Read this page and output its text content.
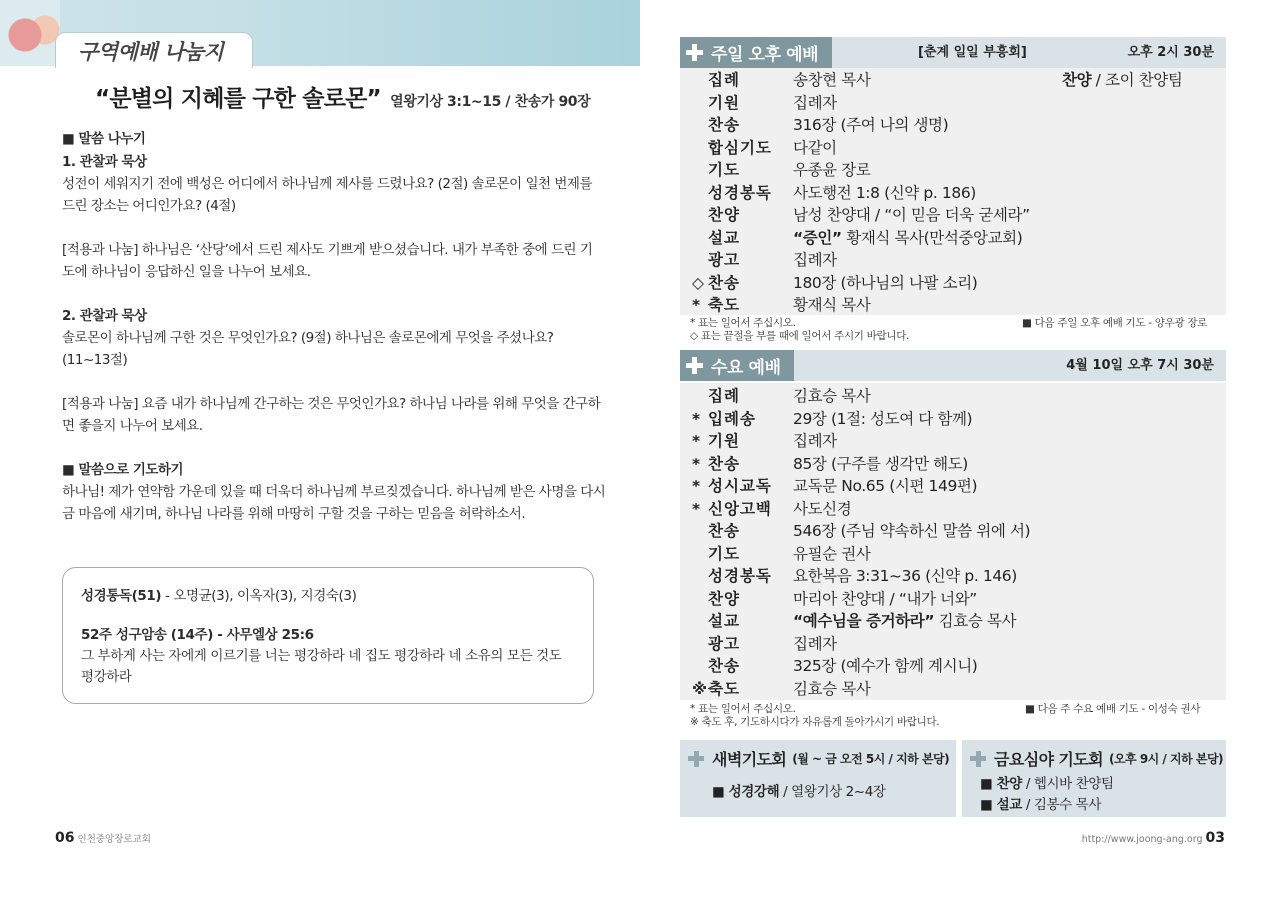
구역예배 나눔지
“분별의 지혜를 구한 솔로몬” 열왕기상 3:1~15 / 찬송가 90장
■ 말씀 나누기
1. 관찰과 묵상
성전이 세워지기 전에 백성은 어디에서 하나님께 제사를 드렸나요? (2절) 솔로몬이 일천 번제를
드린 장소는 어디인가요? (4절)
[적용과 나눔] 하나님은 ‘산당’에서 드린 제사도 기쁘게 받으셨습니다. 내가 부족한 중에 드린 기
도에 하나님이 응답하신 일을 나누어 보세요.
2. 관찰과 묵상
솔로몬이 하나님께 구한 것은 무엇인가요? (9절) 하나님은 솔로몬에게 무엇을 주셨나요?
(11~13절)
[적용과 나눔] 요즘 내가 하나님께 간구하는 것은 무엇인가요? 하나님 나라를 위해 무엇을 간구하
면 좋을지 나누어 보세요.
■ 말씀으로 기도하기
하나님! 제가 연약함 가운데 있을 때 더욱더 하나님께 부르짖겠습니다. 하나님께 받은 사명을 다시
금 마음에 새기며, 하나님 나라를 위해 마땅히 구할 것을 구하는 믿음을 허락하소서.
성경통독(51) - 오명균(3), 이옥자(3), 지경숙(3)
52주 성구암송 (14주) - 사무엘상 25:6
그 부하게 사는 자에게 이르기를 너는 평강하라 네 집도 평강하라 네 소유의 모든 것도
평강하라
06 인천중앙장로교회
주일 오후 예배	[춘계 일일 부흥회]	오후 2시 30분
집례	송창현 목사	찬양 / 조이 찬양팀
기원	집례자
찬송	316장 (주여 나의 생명)
합심기도	다같이
기도	우종윤 장로
성경봉독	사도행전 1:8 (신약 p. 186)
찬양	남성 찬양대 / “이 믿음 더욱 굳세라”
설교	“증인” 황재식 목사(만석중앙교회)
광고	집례자
◇ 찬송	180장 (하나님의 나팔 소리)
* 축도	황재식 목사
* 표는 일어서 주십시오.
◇ 표는 끝절을 부를 때에 일어서 주시기 바랍니다.
■ 다음 주일 오후 예배 기도 - 양우광 장로
수요 예배	4월 10일 오후 7시 30분
집례	김효승 목사
* 입례송	29장 (1절: 성도여 다 함께)
* 기원	집례자
* 찬송	85장 (구주를 생각만 해도)
* 성시교독	교독문 No.65 (시편 149편)
* 신앙고백	사도신경
찬송	546장 (주님 약속하신 말씀 위에 서)
기도	유필순 권사
성경봉독	요한복음 3:31~36 (신약 p. 146)
찬양	마리아 찬양대 / “내가 너와”
설교	“예수님을 증거하라” 김효승 목사
광고	집례자
찬송	325장 (예수가 함께 계시니)
※ 축도	김효승 목사
* 표는 일어서 주십시오.
※ 축도 후, 기도하시다가 자유롭게 돌아가시기 바랍니다.
■ 다음 주 수요 예배 기도 - 이성숙 권사
새벽기도회 (월 ~ 금 오전 5시 / 지하 본당)
■ 성경강해 / 열왕기상 2~4장
금요심야 기도회 (오후 9시 / 지하 본당)
■ 찬양 / 헵시바 찬양팀
■ 설교 / 김봉수 목사
http://www.joong-ang.org 03
